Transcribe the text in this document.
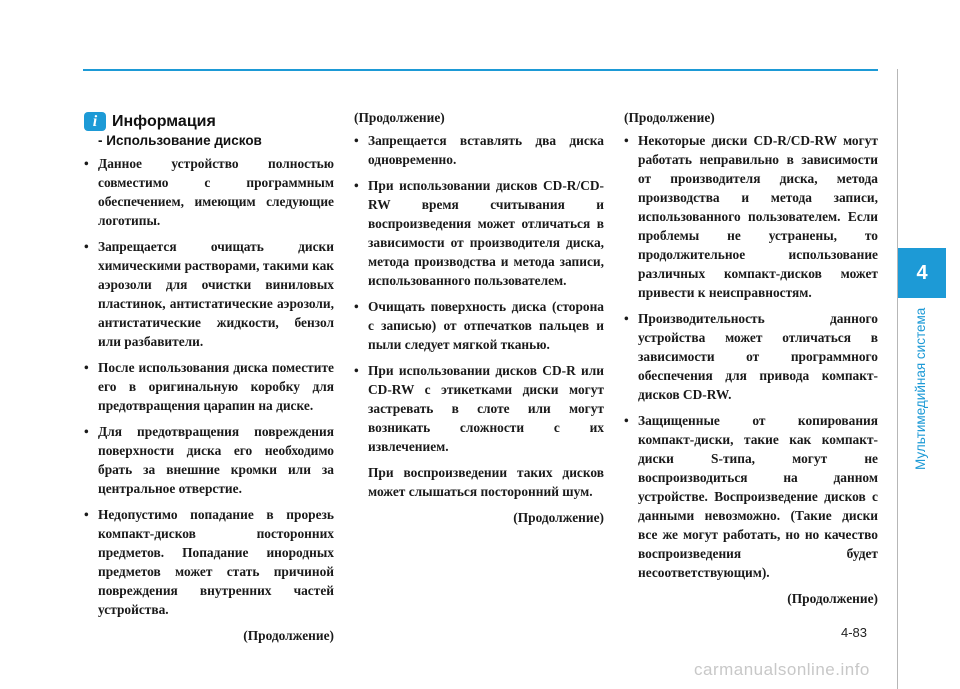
4
Мультимедийная система
i Информация
- Использование дисков
• Данное устройство полностью совместимо с программным обеспечением, имеющим следующие логотипы.
• Запрещается очищать диски химическими растворами, такими как аэрозоли для очистки виниловых пластинок, антистатические аэрозоли, антистатические жидкости, бензол или разбавители.
• После использования диска поместите его в оригинальную коробку для предотвращения царапин на диске.
• Для предотвращения повреждения поверхности диска его необходимо брать за внешние кромки или за центральное отверстие.
• Недопустимо попадание в прорезь компакт-дисков посторонних предметов. Попадание инородных предметов может стать причиной повреждения внутренних частей устройства.
(Продолжение)
(Продолжение)
• Запрещается вставлять два диска одновременно.
• При использовании дисков CD-R/CD-RW время считывания и воспроизведения может отличаться в зависимости от производителя диска, метода производства и метода записи, использованного пользователем.
• Очищать поверхность диска (сторона с записью) от отпечатков пальцев и пыли следует мягкой тканью.
• При использовании дисков CD-R или CD-RW с этикетками диски могут застревать в слоте или могут возникать сложности с их извлечением.
При воспроизведении таких дисков может слышаться посторонний шум.
(Продолжение)
(Продолжение)
• Некоторые диски CD-R/CD-RW могут работать неправильно в зависимости от производителя диска, метода производства и метода записи, использованного пользователем. Если проблемы не устранены, то продолжительное использование различных компакт-дисков может привести к неисправностям.
• Производительность данного устройства может отличаться в зависимости от программного обеспечения для привода компакт-дисков CD-RW.
• Защищенные от копирования компакт-диски, такие как компакт-диски S-типа, могут не воспроизводиться на данном устройстве. Воспроизведение дисков с данными невозможно. (Такие диски все же могут работать, но но качество воспроизведения будет несоответствующим).
(Продолжение)
4-83
carmanualsonline.info
